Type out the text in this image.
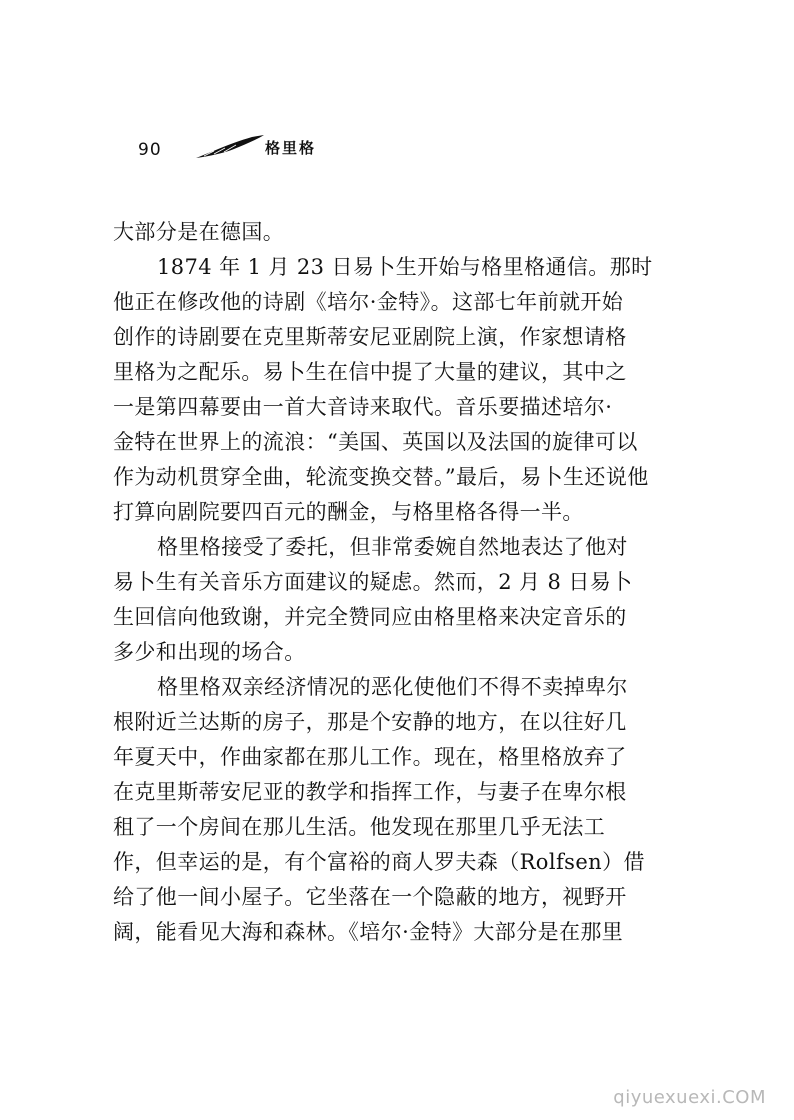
90	格里格
大部分是在德国。
1874 年 1 月 23 日易卜生开始与格里格通信。那时
他正在修改他的诗剧《培尔·金特》。这部七年前就开始
创作的诗剧要在克里斯蒂安尼亚剧院上演，作家想请格
里格为之配乐。易卜生在信中提了大量的建议，其中之
一是第四幕要由一首大音诗来取代。音乐要描述培尔·
金特在世界上的流浪：“美国、英国以及法国的旋律可以
作为动机贯穿全曲，轮流变换交替。”最后，易卜生还说他
打算向剧院要四百元的酬金，与格里格各得一半。
格里格接受了委托，但非常委婉自然地表达了他对
易卜生有关音乐方面建议的疑虑。然而，2 月 8 日易卜
生回信向他致谢，并完全赞同应由格里格来决定音乐的
多少和出现的场合。
格里格双亲经济情况的恶化使他们不得不卖掉卑尔
根附近兰达斯的房子，那是个安静的地方，在以往好几
年夏天中，作曲家都在那儿工作。现在，格里格放弃了
在克里斯蒂安尼亚的教学和指挥工作，与妻子在卑尔根
租了一个房间在那儿生活。他发现在那里几乎无法工
作，但幸运的是，有个富裕的商人罗夫森（Rolfsen）借
给了他一间小屋子。它坐落在一个隐蔽的地方，视野开
阔，能看见大海和森林。《培尔·金特》大部分是在那里
qiyuexuexi.COM
